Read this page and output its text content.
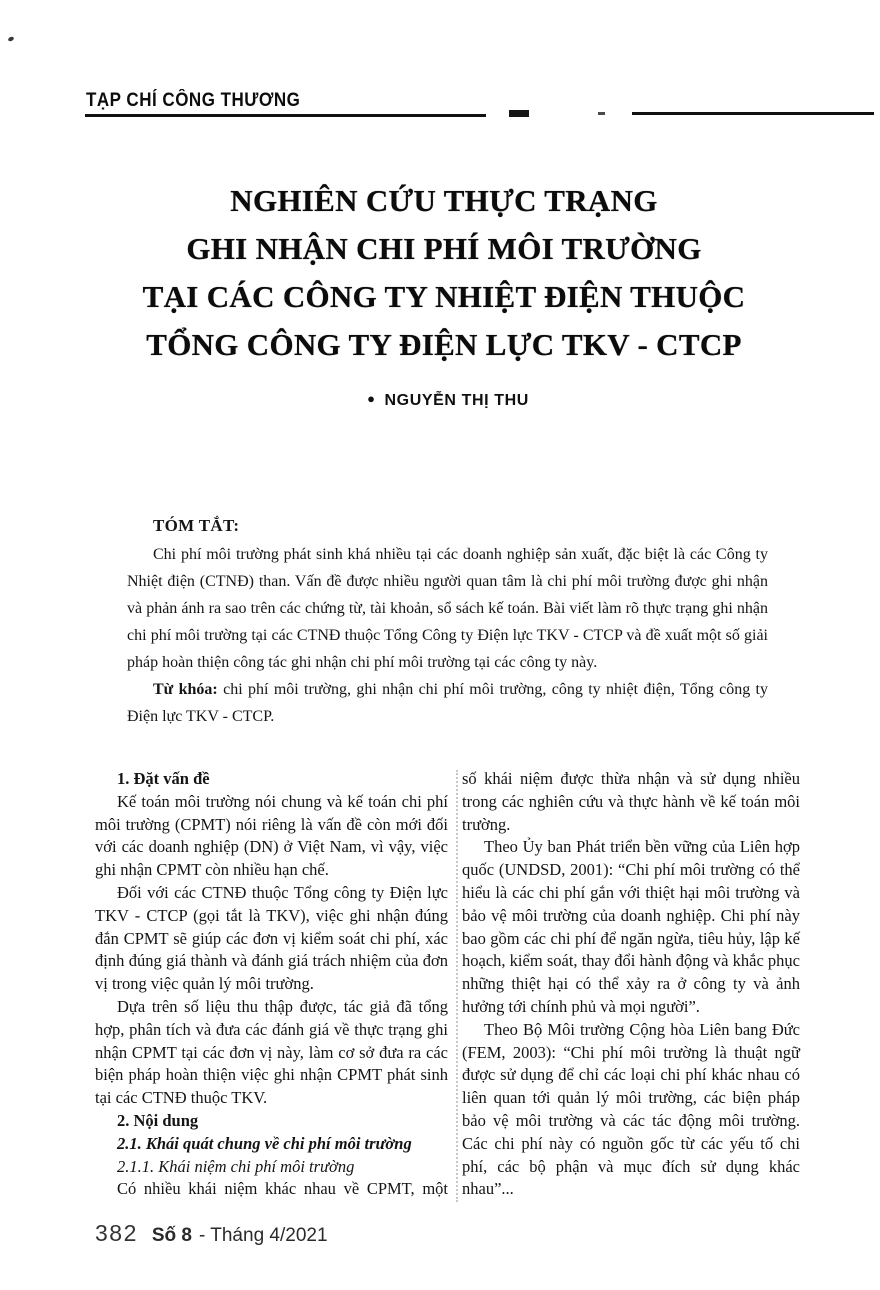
TẠP CHÍ CÔNG THƯƠNG
NGHIÊN CỨU THỰC TRẠNG
GHI NHẬN CHI PHÍ MÔI TRƯỜNG
TẠI CÁC CÔNG TY NHIỆT ĐIỆN THUỘC
TỔNG CÔNG TY ĐIỆN LỰC TKV - CTCP
● NGUYỄN THỊ THU
TÓM TẮT:

Chi phí môi trường phát sinh khá nhiều tại các doanh nghiệp sản xuất, đặc biệt là các Công ty Nhiệt điện (CTNĐ) than. Vấn đề được nhiều người quan tâm là chi phí môi trường được ghi nhận và phản ánh ra sao trên các chứng từ, tài khoản, sổ sách kế toán. Bài viết làm rõ thực trạng ghi nhận chi phí môi trường tại các CTNĐ thuộc Tổng Công ty Điện lực TKV - CTCP và đề xuất một số giải pháp hoàn thiện công tác ghi nhận chi phí môi trường tại các công ty này.

Từ khóa: chi phí môi trường, ghi nhận chi phí môi trường, công ty nhiệt điện, Tổng công ty Điện lực TKV - CTCP.

1. Đặt vấn đề

Kế toán môi trường nói chung và kế toán chi phí môi trường (CPMT) nói riêng là vấn đề còn mới đối với các doanh nghiệp (DN) ở Việt Nam, vì vậy, việc ghi nhận CPMT còn nhiều hạn chế.

Đối với các CTNĐ thuộc Tổng công ty Điện lực TKV - CTCP (gọi tắt là TKV), việc ghi nhận đúng đắn CPMT sẽ giúp các đơn vị kiểm soát chi phí, xác định đúng giá thành và đánh giá trách nhiệm của đơn vị trong việc quản lý môi trường.

Dựa trên số liệu thu thập được, tác giả đã tổng hợp, phân tích và đưa các đánh giá về thực trạng ghi nhận CPMT tại các đơn vị này, làm cơ sở đưa ra các biện pháp hoàn thiện việc ghi nhận CPMT phát sinh tại các CTNĐ thuộc TKV.

2. Nội dung

2.1. Khái quát chung về chi phí môi trường

2.1.1. Khái niệm chi phí môi trường

Có nhiều khái niệm khác nhau về CPMT, một

số khái niệm được thừa nhận và sử dụng nhiều trong các nghiên cứu và thực hành về kế toán môi trường.

Theo Ủy ban Phát triển bền vững của Liên hợp quốc (UNDSD, 2001): “Chi phí môi trường có thể hiểu là các chi phí gắn với thiệt hại môi trường và bảo vệ môi trường của doanh nghiệp. Chi phí này bao gồm các chi phí để ngăn ngừa, tiêu hủy, lập kế hoạch, kiểm soát, thay đổi hành động và khắc phục những thiệt hại có thể xảy ra ở công ty và ảnh hưởng tới chính phủ và mọi người”.

Theo Bộ Môi trường Cộng hòa Liên bang Đức (FEM, 2003): “Chi phí môi trường là thuật ngữ được sử dụng để chỉ các loại chi phí khác nhau có liên quan tới quản lý môi trường, các biện pháp bảo vệ môi trường và các tác động môi trường. Các chi phí này có nguồn gốc từ các yếu tố chi phí, các bộ phận và mục đích sử dụng khác nhau”...

382 Số 8 - Tháng 4/2021
